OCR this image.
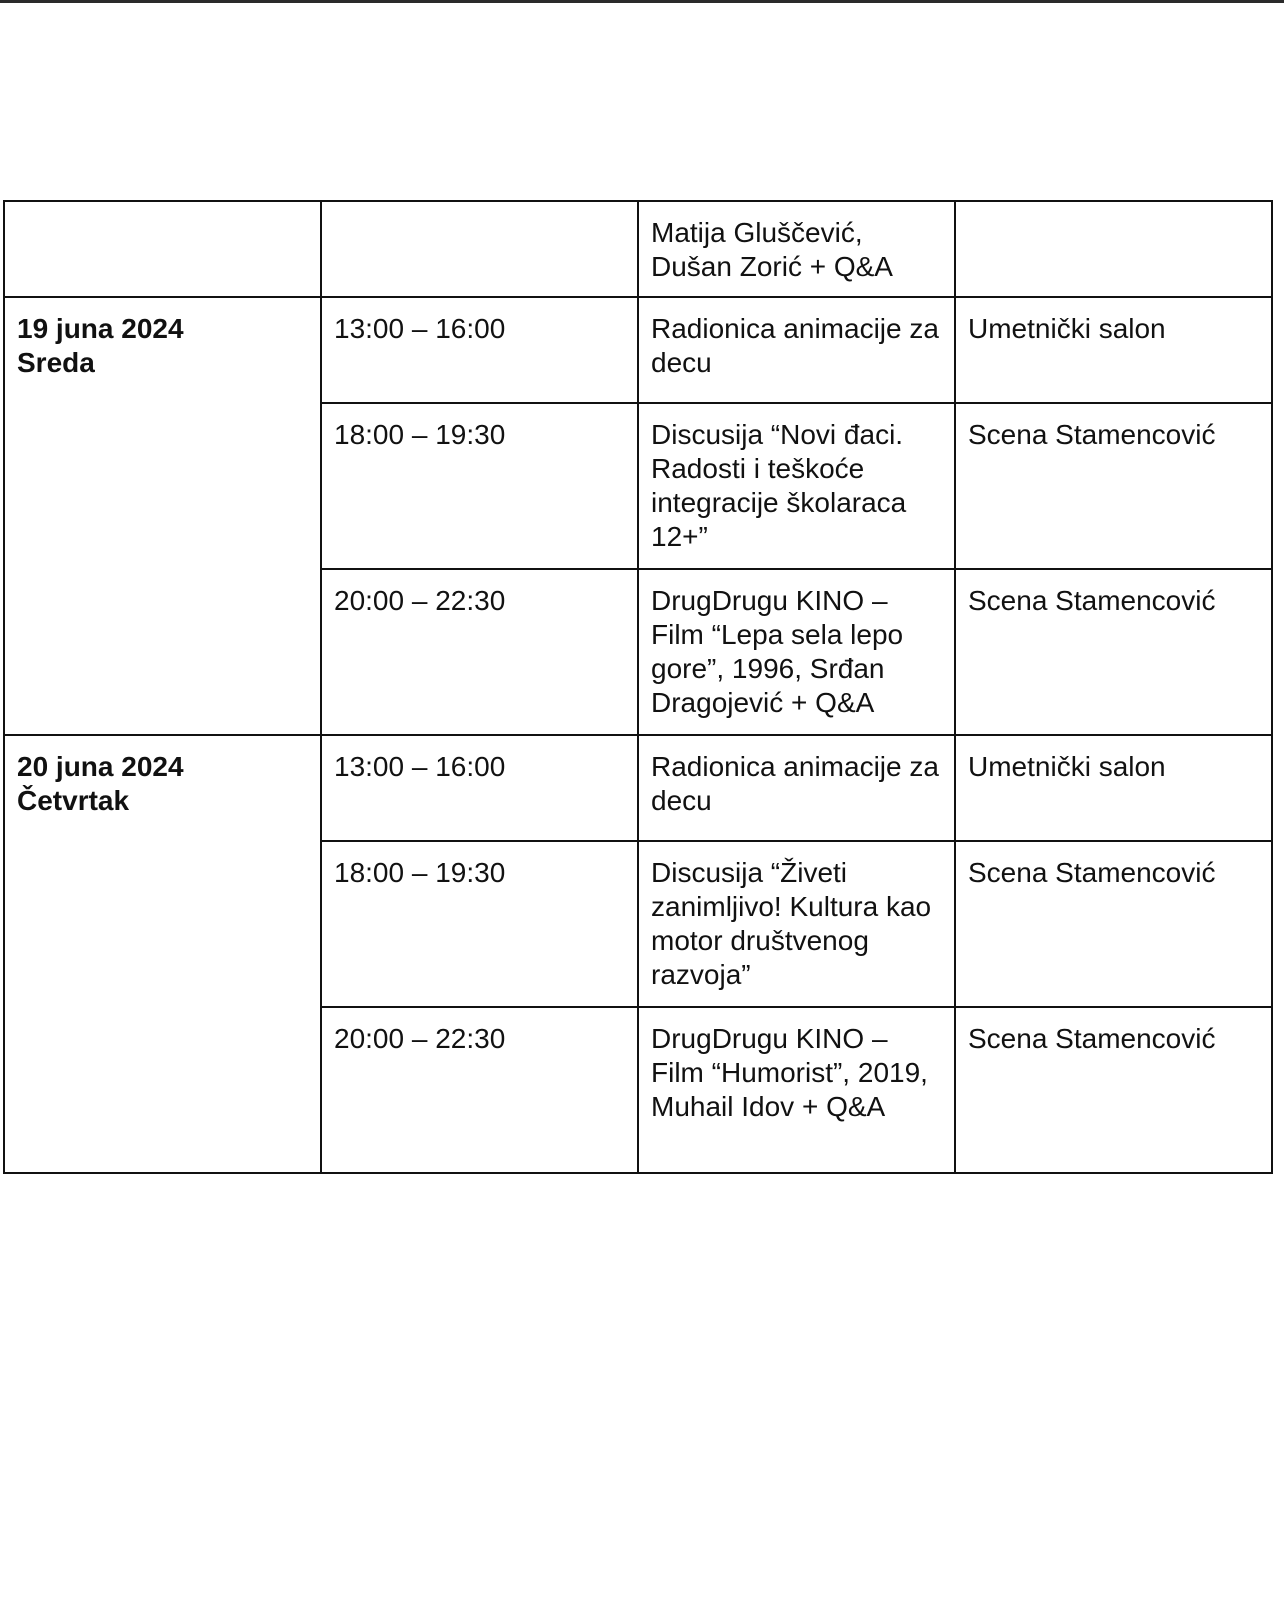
		Matija Gluščević, Dušan Zorić + Q&A	

19 juna 2024
Sreda	13:00 – 16:00	Radionica animacije za decu	Umetnički salon
	18:00 – 19:30	Discusija “Novi đaci. Radosti i teškoće integracije školaraca 12+”	Scena Stamencović
	20:00 – 22:30	DrugDrugu KINO – Film “Lepa sela lepo gore”, 1996, Srđan Dragojević + Q&A	Scena Stamencović

20 juna 2024
Četvrtak	13:00 – 16:00	Radionica animacije za decu	Umetnički salon
	18:00 – 19:30	Discusija “Živeti zanimljivo! Kultura kao motor društvenog razvoja”	Scena Stamencović
	20:00 – 22:30	DrugDrugu KINO – Film “Humorist”, 2019, Muhail Idov + Q&A	Scena Stamencović
